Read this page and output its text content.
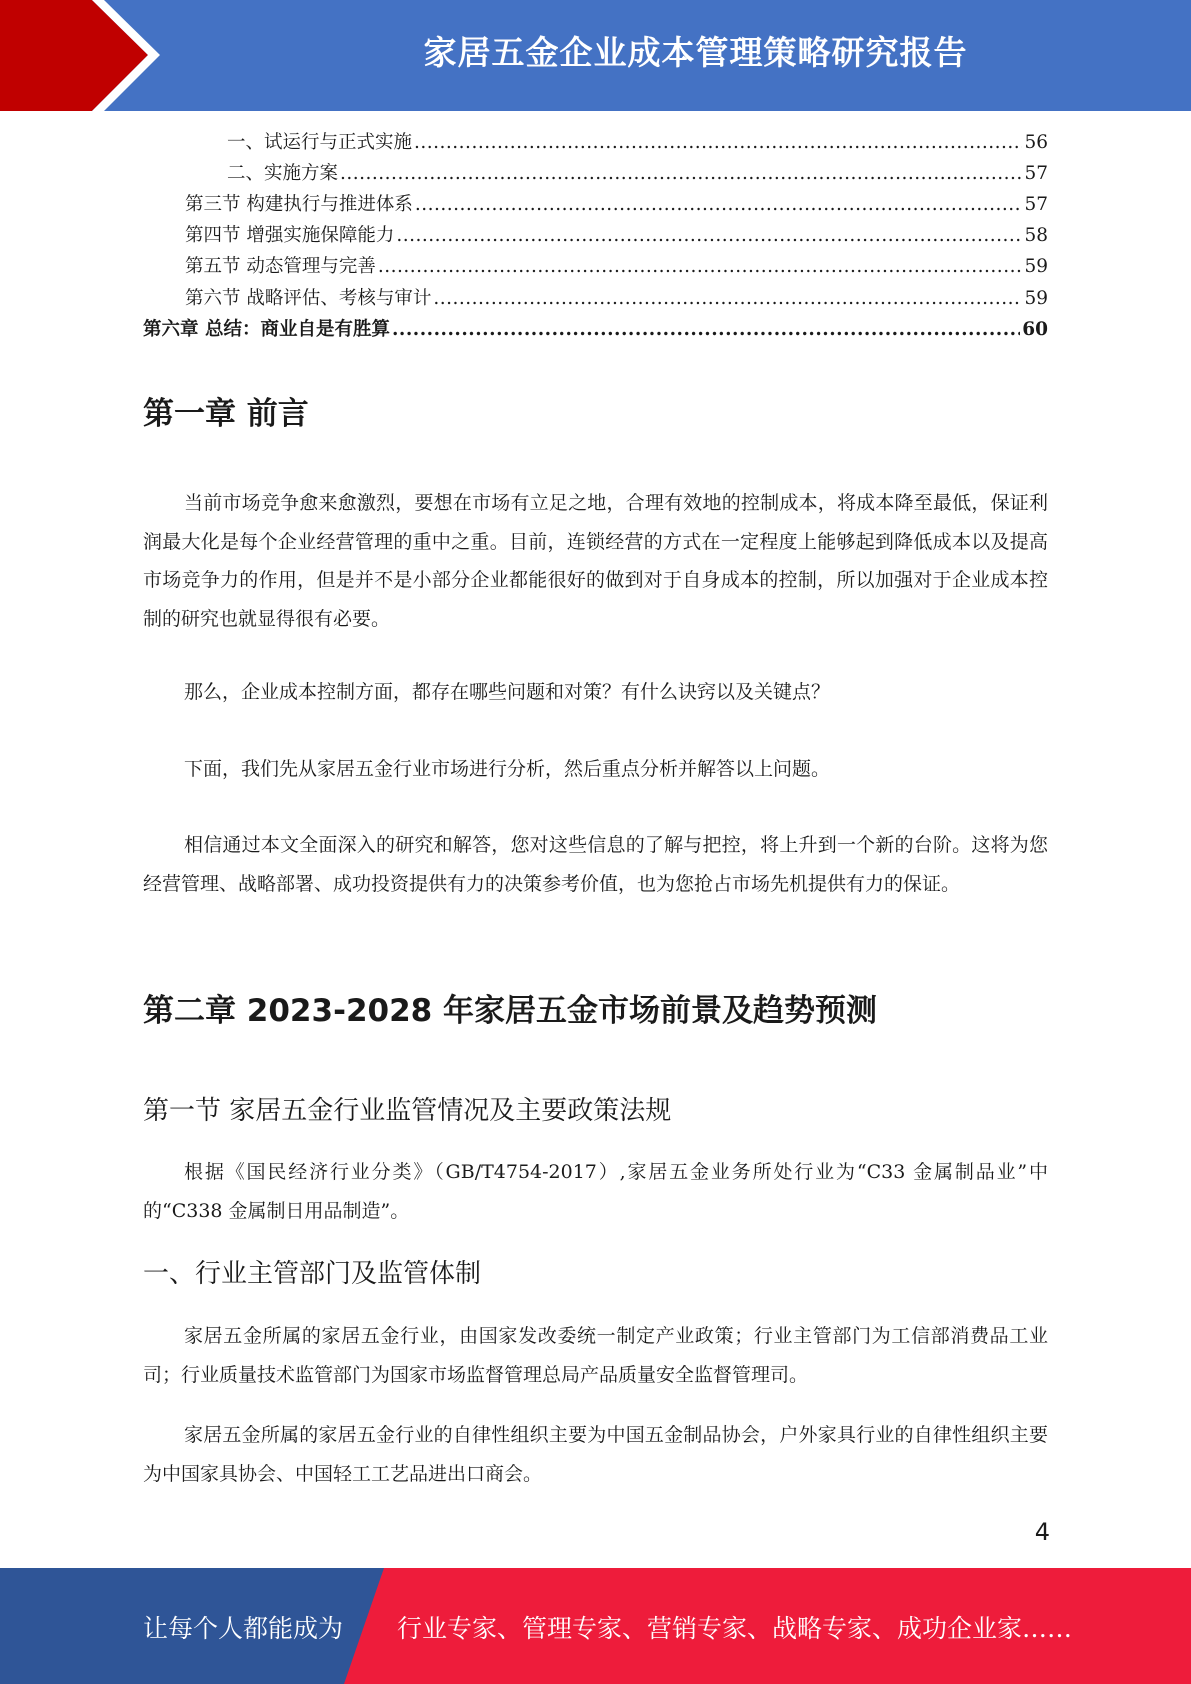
家居五金企业成本管理策略研究报告
一、试运行与正式实施 .....	56
二、实施方案 .....	57
第三节 构建执行与推进体系 .....	57
第四节 增强实施保障能力 .....	58
第五节 动态管理与完善 .....	59
第六节 战略评估、考核与审计 .....	59
第六章 总结：商业自是有胜算 .....	60
第一章 前言

当前市场竞争愈来愈激烈，要想在市场有立足之地，合理有效地的控制成本，将成本降至最低，保证利润最大化是每个企业经营管理的重中之重。目前，连锁经营的方式在一定程度上能够起到降低成本以及提高市场竞争力的作用，但是并不是小部分企业都能很好的做到对于自身成本的控制，所以加强对于企业成本控制的研究也就显得很有必要。

那么，企业成本控制方面，都存在哪些问题和对策？有什么诀窍以及关键点？

下面，我们先从家居五金行业市场进行分析，然后重点分析并解答以上问题。

相信通过本文全面深入的研究和解答，您对这些信息的了解与把控，将上升到一个新的台阶。这将为您经营管理、战略部署、成功投资提供有力的决策参考价值，也为您抢占市场先机提供有力的保证。

第二章 2023-2028 年家居五金市场前景及趋势预测
第一节 家居五金行业监管情况及主要政策法规

根据《国民经济行业分类》（GB/T4754-2017）,家居五金业务所处行业为“C33 金属制品业”中的“C338 金属制日用品制造”。

一、行业主管部门及监管体制

家居五金所属的家居五金行业，由国家发改委统一制定产业政策；行业主管部门为工信部消费品工业司；行业质量技术监管部门为国家市场监督管理总局产品质量安全监督管理司。

家居五金所属的家居五金行业的自律性组织主要为中国五金制品协会，户外家具行业的自律性组织主要为中国家具协会、中国轻工工艺品进出口商会。

4
让每个人都能成为 行业专家、管理专家、营销专家、战略专家、成功企业家……
